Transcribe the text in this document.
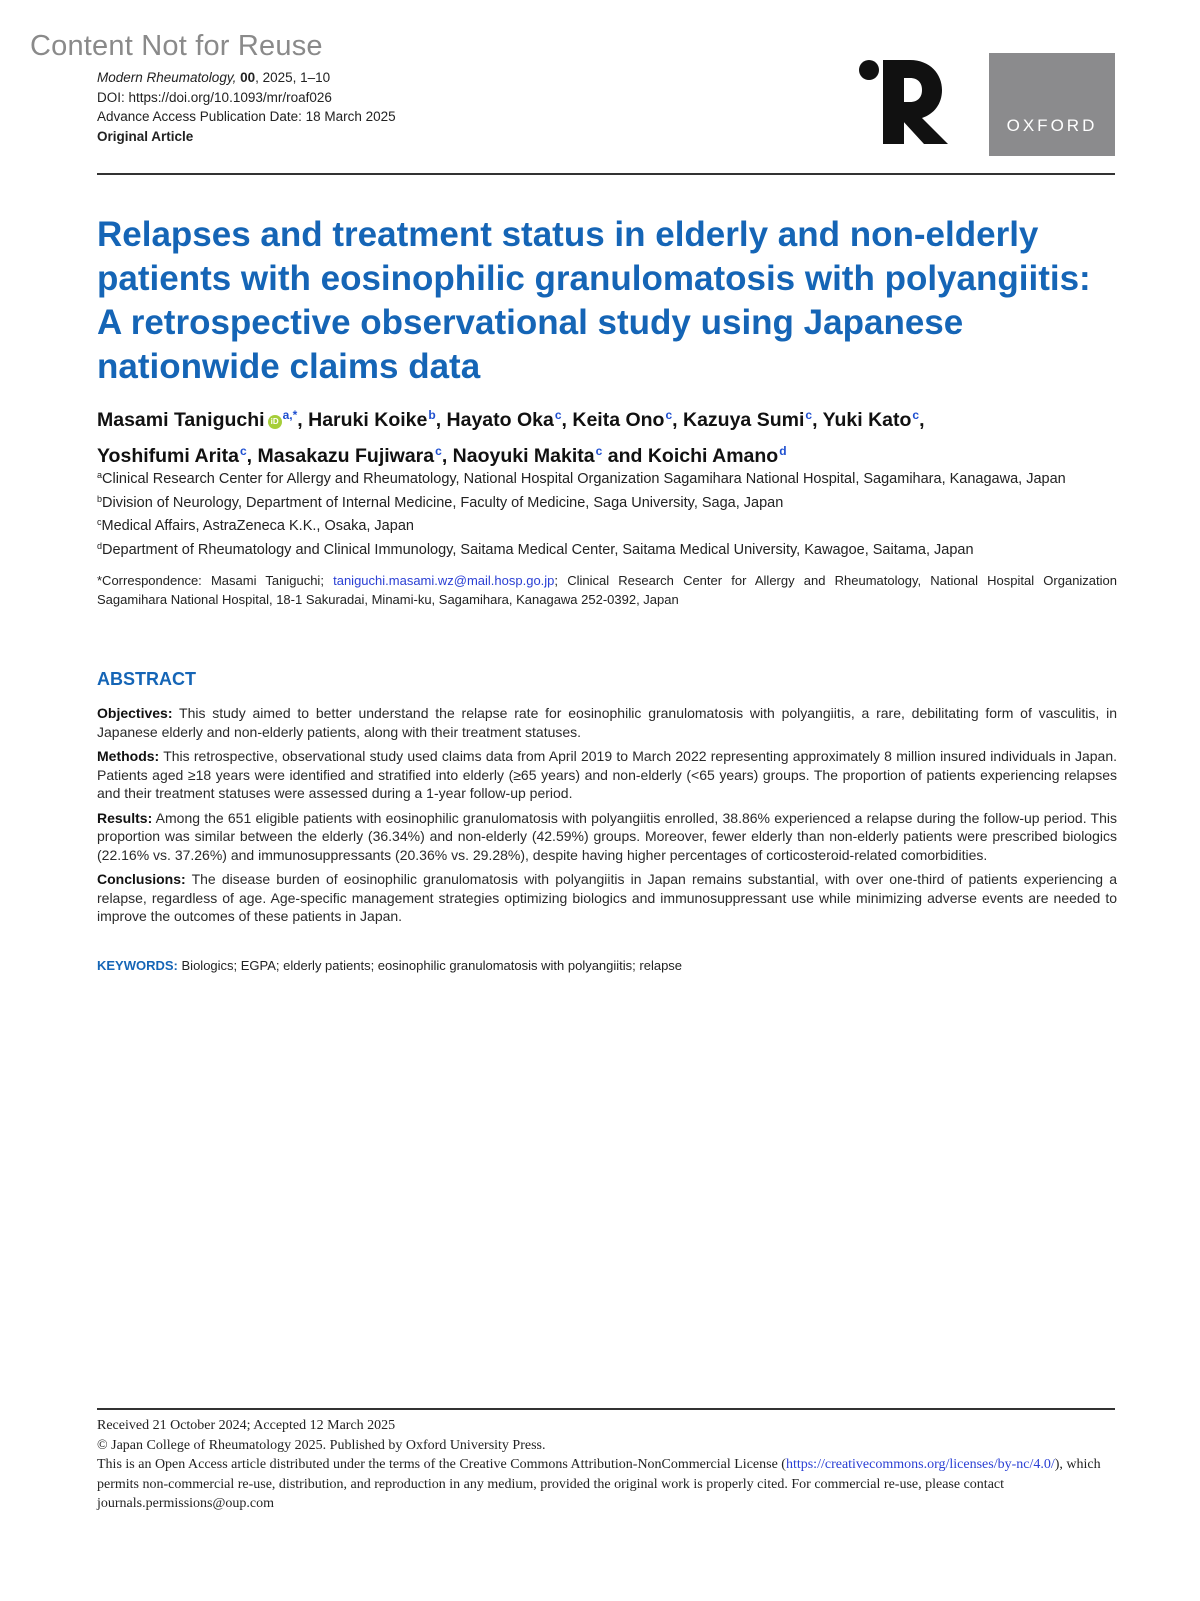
Content Not for Reuse
Modern Rheumatology, 00, 2025, 1–10
DOI: https://doi.org/10.1093/mr/roaf026
Advance Access Publication Date: 18 March 2025
Original Article
OXFORD
Relapses and treatment status in elderly and non-elderly patients with eosinophilic granulomatosis with polyangiitis: A retrospective observational study using Japanese nationwide claims data
Masami Taniguchi iD $^{a,*}$, Haruki Koike$^b$, Hayato Oka$^c$, Keita Ono$^c$, Kazuya Sumi$^c$, Yuki Kato$^c$,
Yoshifumi Arita$^c$, Masakazu Fujiwara$^c$, Naoyuki Makita$^c$ and Koichi Amano$^d$

$^a$Clinical Research Center for Allergy and Rheumatology, National Hospital Organization Sagamihara National Hospital, Sagamihara, Kanagawa, Japan

$^b$Division of Neurology, Department of Internal Medicine, Faculty of Medicine, Saga University, Saga, Japan

$^c$Medical Affairs, AstraZeneca K.K., Osaka, Japan

$^d$Department of Rheumatology and Clinical Immunology, Saitama Medical Center, Saitama Medical University, Kawagoe, Saitama, Japan

*Correspondence: Masami Taniguchi; taniguchi.masami.wz@mail.hosp.go.jp; Clinical Research Center for Allergy and Rheumatology, National Hospital Organization Sagamihara National Hospital, 18-1 Sakuradai, Minami-ku, Sagamihara, Kanagawa 252-0392, Japan
ABSTRACT

Objectives: This study aimed to better understand the relapse rate for eosinophilic granulomatosis with polyangiitis, a rare, debilitating form of vasculitis, in Japanese elderly and non-elderly patients, along with their treatment statuses.

Methods: This retrospective, observational study used claims data from April 2019 to March 2022 representing approximately 8 million insured individuals in Japan. Patients aged ≥18 years were identified and stratified into elderly (≥65 years) and non-elderly (<65 years) groups. The proportion of patients experiencing relapses and their treatment statuses were assessed during a 1-year follow-up period.

Results: Among the 651 eligible patients with eosinophilic granulomatosis with polyangiitis enrolled, 38.86% experienced a relapse during the follow-up period. This proportion was similar between the elderly (36.34%) and non-elderly (42.59%) groups. Moreover, fewer elderly than non-elderly patients were prescribed biologics (22.16% vs. 37.26%) and immunosuppressants (20.36% vs. 29.28%), despite having higher percentages of corticosteroid-related comorbidities.

Conclusions: The disease burden of eosinophilic granulomatosis with polyangiitis in Japan remains substantial, with over one-third of patients experiencing a relapse, regardless of age. Age-specific management strategies optimizing biologics and immunosuppressant use while minimizing adverse events are needed to improve the outcomes of these patients in Japan.

KEYWORDS: Biologics; EGPA; elderly patients; eosinophilic granulomatosis with polyangiitis; relapse

Received 21 October 2024; Accepted 12 March 2025

© Japan College of Rheumatology 2025. Published by Oxford University Press.

This is an Open Access article distributed under the terms of the Creative Commons Attribution-NonCommercial License (https://creativecommons.org/licenses/by-nc/4.0/), which permits non-commercial re-use, distribution, and reproduction in any medium, provided the original work is properly cited. For commercial re-use, please contact journals.permissions@oup.com
